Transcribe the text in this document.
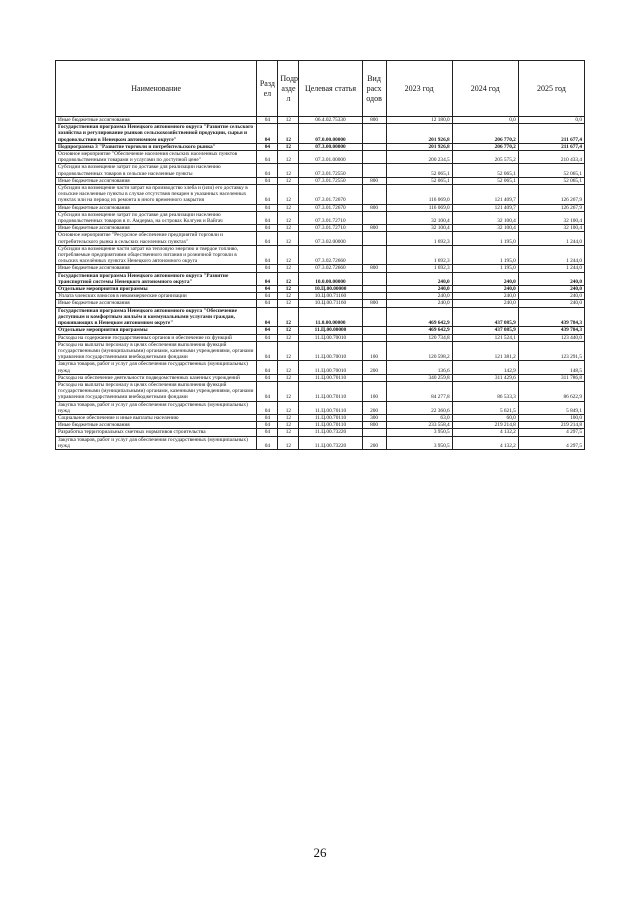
Наименование	Разд ел	Подр азде л	Целевая статья	Вид расх одов	2023 год	2024 год	2025 год
Иные бюджетные ассигнования	04	12	06.4.02.75330	800	12 180,0	0,0	0,0
Государственная программа Ненецкого автономного округа "Развитие сельского хозяйства и регулирование рынков сельскохозяйственной продукции, сырья и продовольствия в Ненецком автономном округе"	04	12	07.0.00.00000		201 926,8	206 770,2	211 677,4
Подпрограмма 3 "Развитие торговли и потребительского рынка"	04	12	07.3.00.00000		201 926,8	206 770,2	211 677,4
Основное мероприятие "Обеспечение населения сельских населенных пунктов продовольственными товарами и услугами по доступной цене"	04	12	07.3.01.00000		200 234,5	205 575,2	210 433,4
Субсидии на возмещение затрат по доставке для реализации населению продовольственных товаров в сельские населенные пункты	04	12	07.3.01.72550		52 065,1	52 065,1	52 065,1
Иные бюджетные ассигнования	04	12	07.3.01.72550	800	52 065,1	52 065,1	52 065,1
Субсидии на возмещение части затрат на производство хлеба и (или) его доставку в сельские населенные пункты в случае отсутствия пекарен в указанных населенных пунктах или на период их ремонта в иного временного закрытия	04	12	07.3.01.72670		116 069,0	121 409,7	126 267,9
Иные бюджетные ассигнования	04	12	07.3.01.72670	800	116 069,0	121 409,7	126 267,9
Субсидии на возмещение затрат по доставке для реализации населению продовольственных товаров в п. Амдерма, на островах Колгуев и Вайгач	04	12	07.3.01.72710		32 100,4	32 100,4	32 100,4
Иные бюджетные ассигнования	04	12	07.3.01.72710	800	32 100,4	32 100,4	32 100,4
Основное мероприятие "Ресурсное обеспечение предприятий торговли и потребительского рынка в сельских населенных пунктах"	04	12	07.3.02.00000		1 692,3	1 195,0	1 244,0
Субсидии на возмещение части затрат на тепловую энергию и твердое топливо, потребляемые предприятиями общественного питания и розничной торговли в сельских населённых пунктах Ненецкого автономного округа	04	12	07.3.02.72660		1 692,3	1 195,0	1 244,0
Иные бюджетные ассигнования	04	12	07.3.02.72660	800	1 692,3	1 195,0	1 244,0
Государственная программа Ненецкого автономного округа "Развитие транспортной системы Ненецкого автономного округа"	04	12	10.0.00.00000		240,0	240,0	240,0
Отдельные мероприятия программы	04	12	10.Ц.00.00000		240,0	240,0	240,0
Уплата членских взносов в некоммерческие организации	04	12	10.Ц.00.71160		240,0	240,0	240,0
Иные бюджетные ассигнования	04	12	10.Ц.00.71160	800	240,0	240,0	240,0
Государственная программа Ненецкого автономного округа "Обеспечение доступным и комфортным жильём и коммунальными услугами граждан, проживающих в Ненецком автономном округе"	04	12	11.0.00.00000		469 642,9	437 085,9	439 784,3
Отдельные мероприятия программы	04	12	11.Ц.00.00000		469 642,9	437 085,9	439 784,3
Расходы на содержание государственных органов и обеспечение их функций	04	12	11.Ц.00.70010		120 734,8	121 524,1	123 440,0
Расходы на выплаты персоналу в целях обеспечения выполнения функций государственными (муниципальными) органами, казенными учреждениями, органами управления государственными внебюджетными фондами	04	12	11.Ц.00.70010	100	120 598,2	121 381,2	123 291,5
Закупка товаров, работ и услуг для обеспечения государственных (муниципальных) нужд	04	12	11.Ц.00.70010	200	136,6	142,9	148,5
Расходы на обеспечение деятельности подведомственных казенных учреждений	04	12	11.Ц.00.70110		340 259,8	311 429,6	311 786,8
Расходы на выплаты персоналу в целях обеспечения выполнения функций государственными (муниципальными) органами, казенными учреждениями, органами управления государственными внебюджетными фондами	04	12	11.Ц.00.70110	100	84 277,8	86 533,3	86 622,9
Закупка товаров, работ и услуг для обеспечения государственных (муниципальных) нужд	04	12	11.Ц.00.70110	200	22 360,6	5 621,5	5 849,1
Социальное обеспечение и иные выплаты населению	04	12	11.Ц.00.70110	300	63,0	60,0	100,0
Иные бюджетные ассигнования	04	12	11.Ц.00.70110	800	233 558,4	219 214,8	219 214,8
Разработка территориальных сметных нормативов строительства	04	12	11.Ц.00.73220		3 950,5	4 132,2	4 297,5
Закупка товаров, работ и услуг для обеспечения государственных (муниципальных) нужд	04	12	11.Ц.00.73220	200	3 950,5	4 132,2	4 297,5
26
